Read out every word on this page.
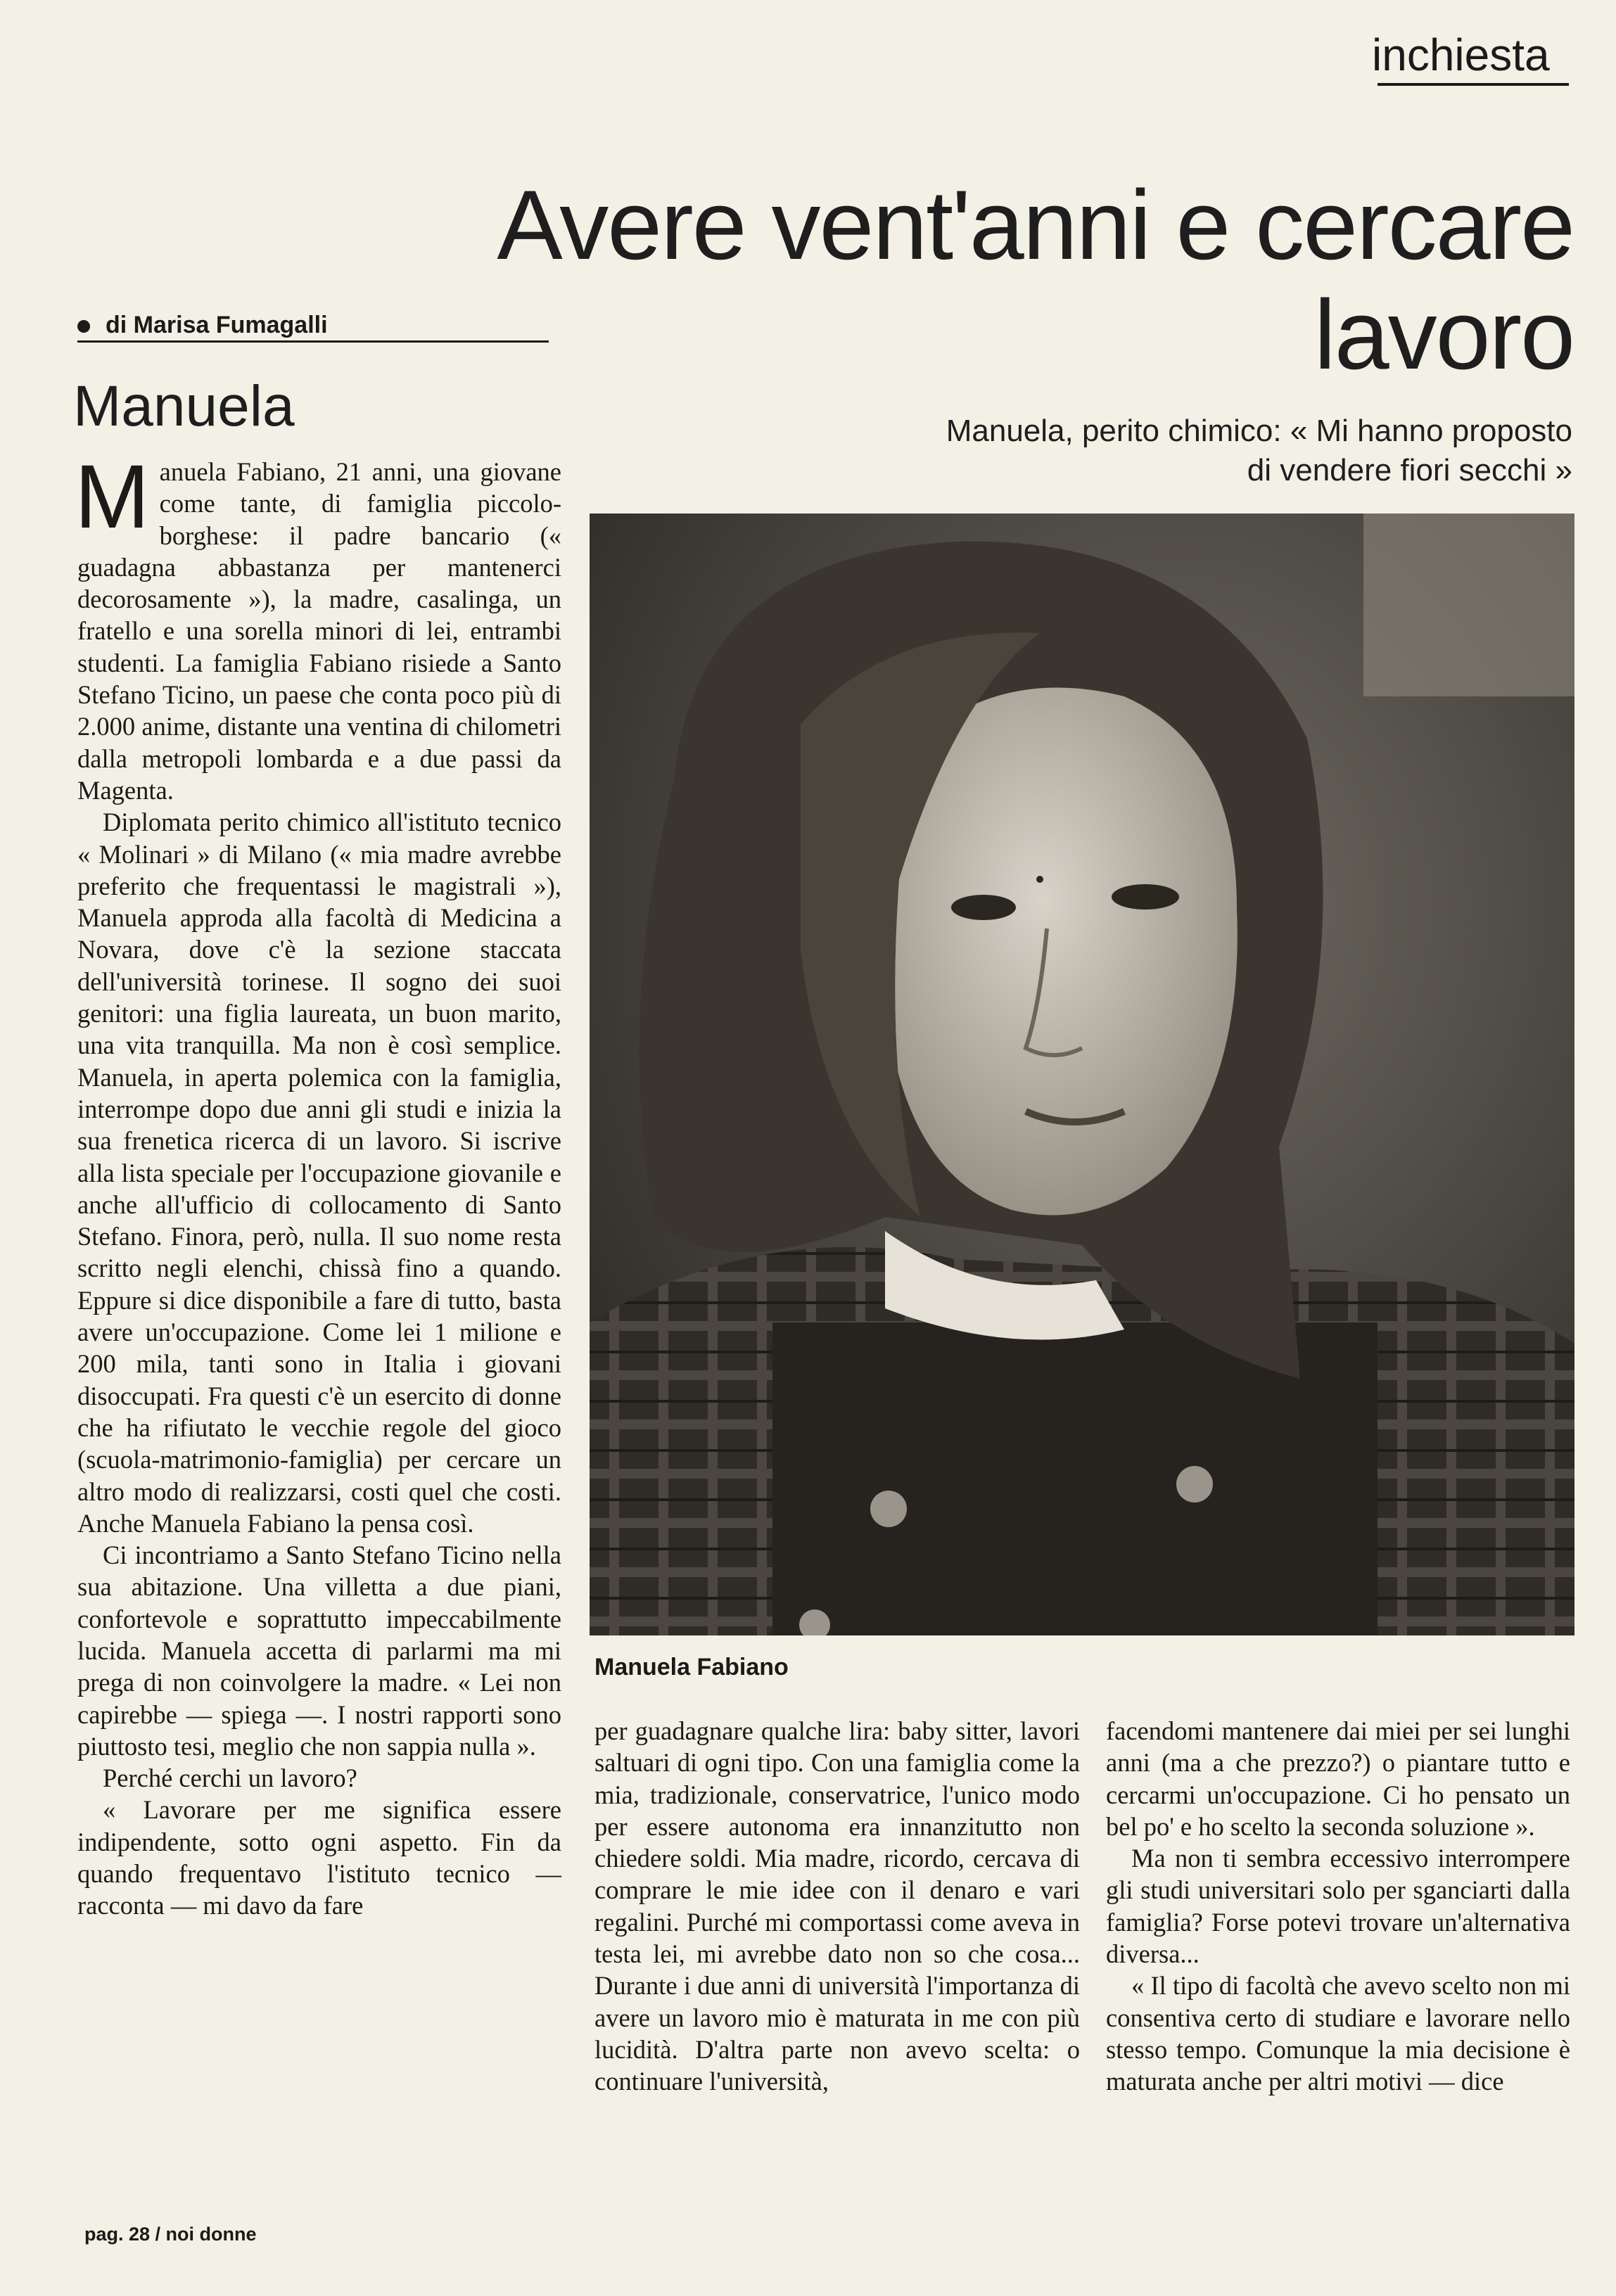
inchiesta
Avere vent'anni e cercare
lavoro
di Marisa Fumagalli
Manuela	Manuela, perito chimico: « Mi hanno proposto
di vendere fiori secchi »
Manuela Fabiano

Manuela Fabiano, 21 anni, una giovane come tante, di famiglia piccolo-borghese: il padre bancario (« guadagna abbastanza per mantenerci decorosamente »), la madre, casalinga, un fratello e una sorella minori di lei, entrambi studenti. La famiglia Fabiano risiede a Santo Stefano Ticino, un paese che conta poco più di 2.000 anime, distante una ventina di chilometri dalla metropoli lombarda e a due passi da Magenta.

Diplomata perito chimico all'istituto tecnico « Molinari » di Milano (« mia madre avrebbe preferito che frequentassi le magistrali »), Manuela approda alla facoltà di Medicina a Novara, dove c'è la sezione staccata dell'università torinese. Il sogno dei suoi genitori: una figlia laureata, un buon marito, una vita tranquilla. Ma non è così semplice. Manuela, in aperta polemica con la famiglia, interrompe dopo due anni gli studi e inizia la sua frenetica ricerca di un lavoro. Si iscrive alla lista speciale per l'occupazione giovanile e anche all'ufficio di collocamento di Santo Stefano. Finora, però, nulla. Il suo nome resta scritto negli elenchi, chissà fino a quando. Eppure si dice disponibile a fare di tutto, basta avere un'occupazione. Come lei 1 milione e 200 mila, tanti sono in Italia i giovani disoccupati. Fra questi c'è un esercito di donne che ha rifiutato le vecchie regole del gioco (scuola-matrimonio-famiglia) per cercare un altro modo di realizzarsi, costi quel che costi. Anche Manuela Fabiano la pensa così.

Ci incontriamo a Santo Stefano Ticino nella sua abitazione. Una villetta a due piani, confortevole e soprattutto impeccabilmente lucida. Manuela accetta di parlarmi ma mi prega di non coinvolgere la madre. « Lei non capirebbe — spiega —. I nostri rapporti sono piuttosto tesi, meglio che non sappia nulla ».

Perché cerchi un lavoro?

« Lavorare per me significa essere indipendente, sotto ogni aspetto. Fin da quando frequentavo l'istituto tecnico — racconta — mi davo da fare

per guadagnare qualche lira: baby sitter, lavori saltuari di ogni tipo. Con una famiglia come la mia, tradizionale, conservatrice, l'unico modo per essere autonoma era innanzitutto non chiedere soldi. Mia madre, ricordo, cercava di comprare le mie idee con il denaro e vari regalini. Purché mi comportassi come aveva in testa lei, mi avrebbe dato non so che cosa... Durante i due anni di università l'importanza di avere un lavoro mio è maturata in me con più lucidità. D'altra parte non avevo scelta: o continuare l'università,

facendomi mantenere dai miei per sei lunghi anni (ma a che prezzo?) o piantare tutto e cercarmi un'occupazione. Ci ho pensato un bel po' e ho scelto la seconda soluzione ».

Ma non ti sembra eccessivo interrompere gli studi universitari solo per sganciarti dalla famiglia? Forse potevi trovare un'alternativa diversa...

« Il tipo di facoltà che avevo scelto non mi consentiva certo di studiare e lavorare nello stesso tempo. Comunque la mia decisione è maturata anche per altri motivi — dice

pag. 28 / noi donne
